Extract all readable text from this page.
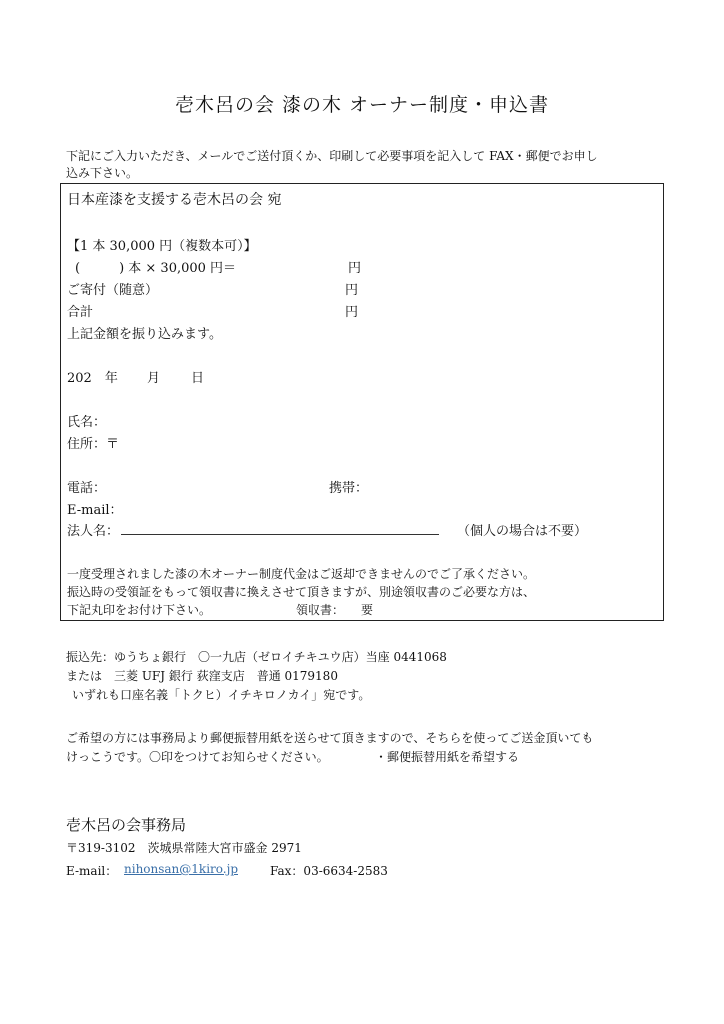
壱木呂の会 漆の木 オーナー制度・申込書
下記にご入力いただき、メールでご送付頂くか、印刷して必要事項を記入して FAX・郵便でお申し
込み下さい。
日本産漆を支援する壱木呂の会 宛
【1 本 30,000 円（複数本可）】
(　　　) 本 × 30,000 円＝	円
ご寄付（随意）	円
合計	円
上記金額を振り込みます。
202　年 月 日
氏名：
住所：〒
電話：	携帯：
E-mail：
法人名：	（個人の場合は不要）
一度受理されました漆の木オーナー制度代金はご返却できませんのでご了承ください。
振込時の受領証をもって領収書に換えさせて頂きますが、別途領収書のご必要な方は、
下記丸印をお付け下さい。	領収書： 要
振込先：ゆうちょ銀行　〇一九店（ゼロイチキユウ店）当座 0441068
または　三菱 UFJ 銀行 荻窪支店　普通 0179180
いずれも口座名義「トクヒ）イチキロノカイ」宛です。
ご希望の方には事務局より郵便振替用紙を送らせて頂きますので、そちらを使ってご送金頂いても
けっこうです。〇印をつけてお知らせください。	・郵便振替用紙を希望する
壱木呂の会事務局
〒319-3102　茨城県常陸大宮市盛金 2971
E-mail： nihonsan@1kiro.jp	Fax：03-6634-2583
